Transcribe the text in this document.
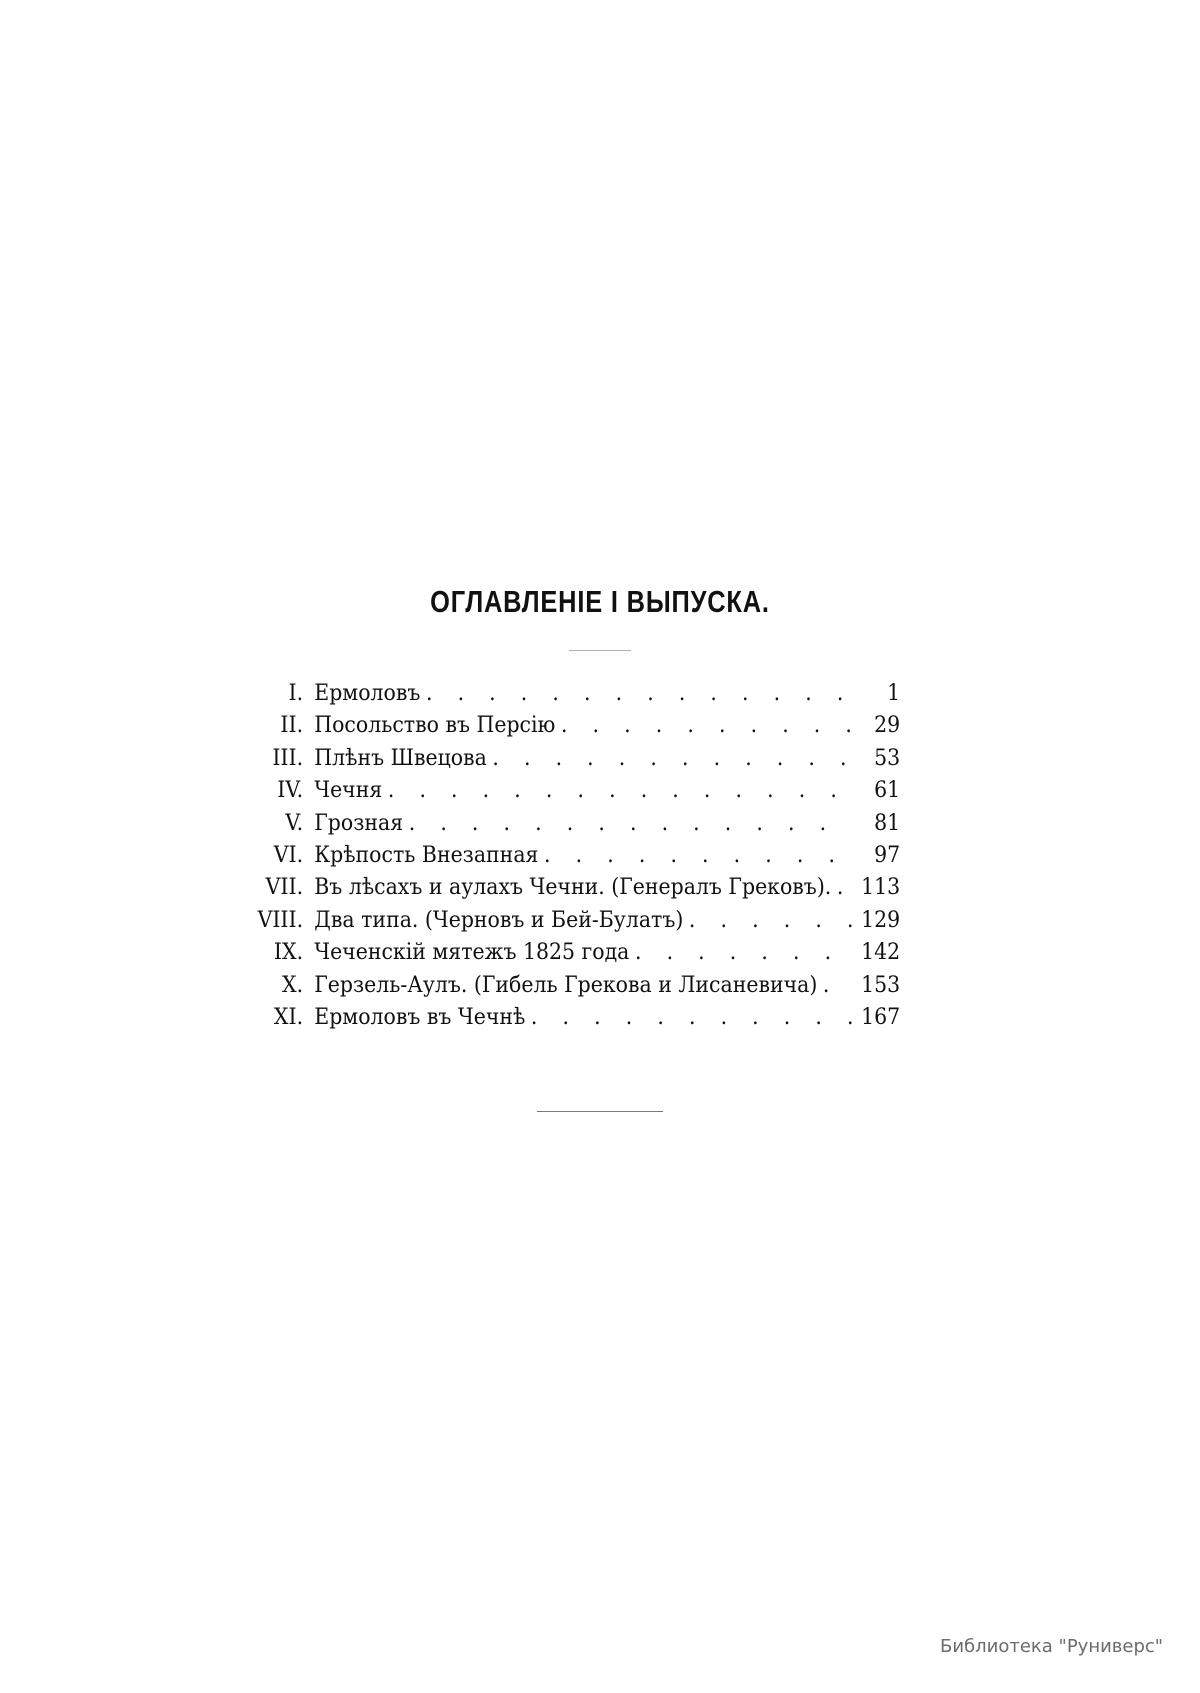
ОГЛАВЛЕНІЕ I ВЫПУСКА.
I. Ермоловъ . . .	1
II. Посольство въ Персію . . .	29
III. Плѣнъ Швецова . . .	53
IV. Чечня . . .	61
V. Грозная . . .	81
VI. Крѣпость Внезапная . . .	97
VII. Въ лѣсахъ и аулахъ Чечни. (Генералъ Грековъ). . . . 113
VIII. Два типа. (Черновъ и Бей-Булатъ) . . .	129
IX. Чеченскій мятежъ 1825 года . . .	142
X. Герзель-Аулъ. (Гибель Грекова и Лисаневича) . . . 153
XI. Ермоловъ въ Чечнѣ . . .	167
Библиотека "Руниверс"
